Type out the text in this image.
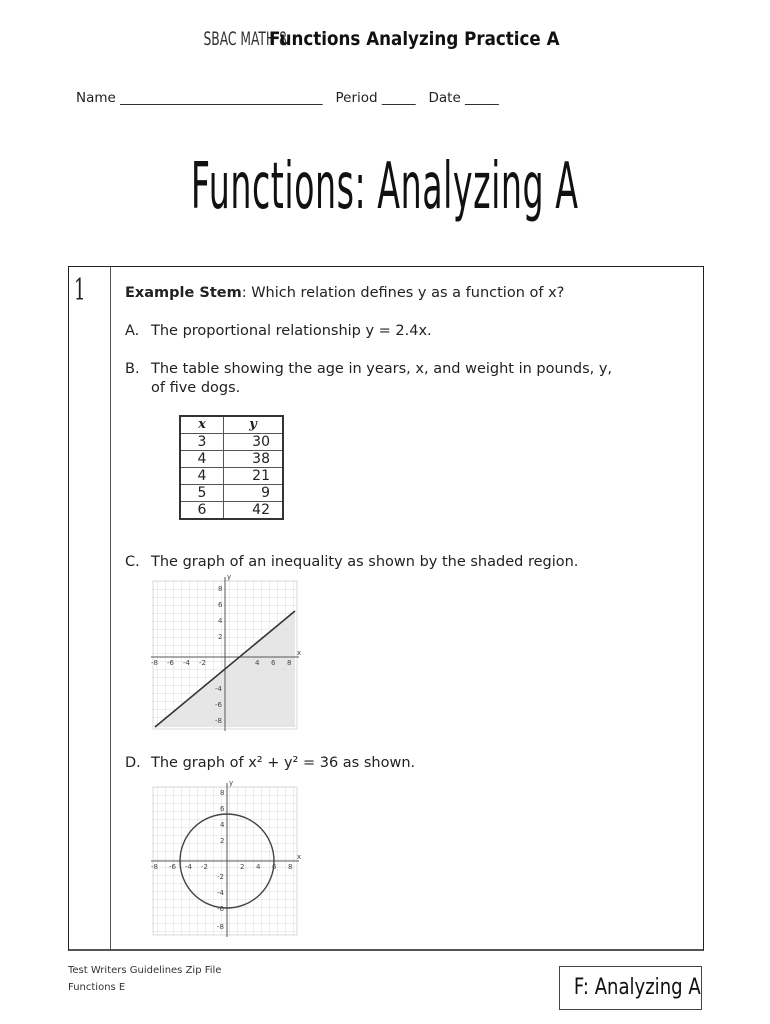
SBAC MATH 8 Functions Analyzing Practice A
Name ______________________________   Period _____   Date _____
Functions: Analyzing A
1	Example Stem: Which relation defines y as a function of x?
A. The proportional relationship y = 2.4x.
B. The table showing the age in years, x, and weight in pounds, y,
of five dogs.
x	y
3	30
4	38
4	21
5	9
6	42
C. The graph of an inequality as shown by the shaded region.
y
x
-8 -6 -4 -2	4 6 8
8
6
4
2
-4
-6
-8
D. The graph of x² + y² = 36 as shown.
y
x
-8 -6 -4 -2	2 4 6 8
8
6
4
2
-2
-4
-6
-8
Test Writers Guidelines Zip File
Functions E	F: Analyzing A
